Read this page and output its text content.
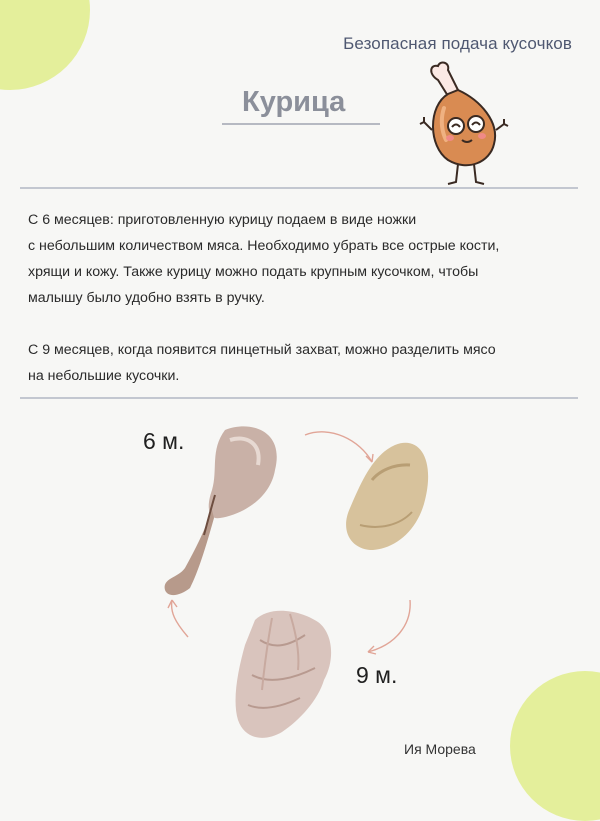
Безопасная подача кусочков
Курица
С 6 месяцев: приготовленную курицу подаем в виде ножки
с небольшим количеством мяса. Необходимо убрать все острые кости,
хрящи и кожу. Также курицу можно подать крупным кусочком, чтобы
малышу было удобно взять в ручку.
С 9 месяцев, когда появится пинцетный захват, можно разделить мясо
на небольшие кусочки.
6 м.
9 м.
Ия Морева
